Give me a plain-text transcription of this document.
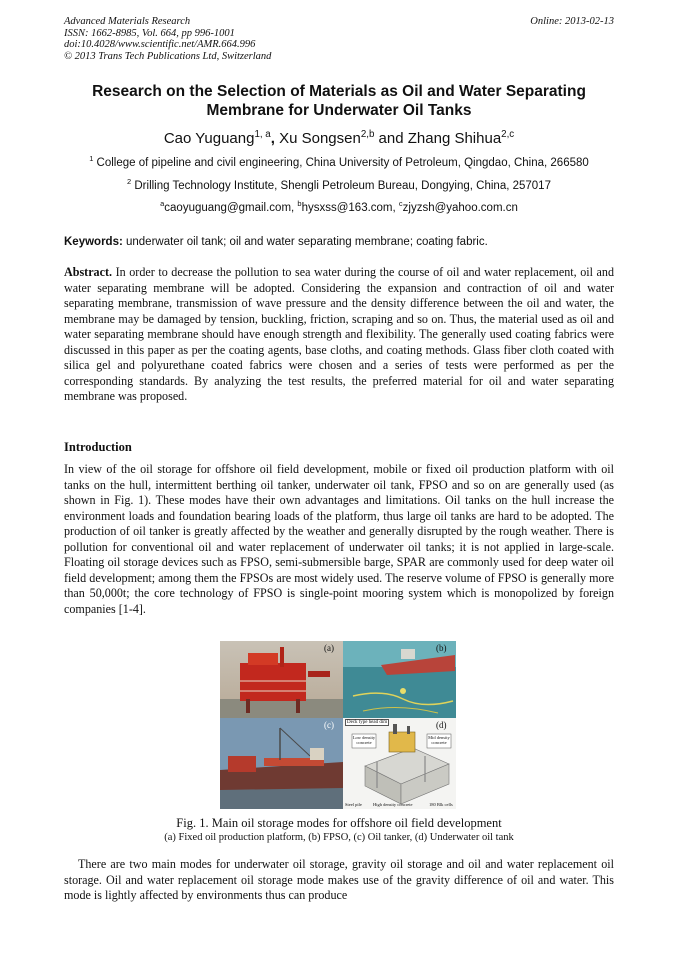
Advanced Materials Research
ISSN: 1662-8985, Vol. 664, pp 996-1001
doi:10.4028/www.scientific.net/AMR.664.996
© 2013 Trans Tech Publications Ltd, Switzerland
Online: 2013-02-13
Research on the Selection of Materials as Oil and Water Separating
Membrane for Underwater Oil Tanks
Cao Yuguang$^{1, a}$, Xu Songsen$^{2,b}$ and Zhang Shihua$^{2,c}$
$^1$ College of pipeline and civil engineering, China University of Petroleum, Qingdao, China, 266580
$^2$ Drilling Technology Institute, Shengli Petroleum Bureau, Dongying, China, 257017
$^a$caoyuguang@gmail.com, $^b$hysxss@163.com, $^c$zjyzsh@yahoo.com.cn
Keywords: underwater oil tank; oil and water separating membrane; coating fabric.
Abstract. In order to decrease the pollution to sea water during the course of oil and water replacement, oil and water separating membrane will be adopted. Considering the expansion and contraction of oil and water separating membrane, transmission of wave pressure and the density difference between the oil and water, the membrane may be damaged by tension, buckling, friction, scraping and so on. Thus, the material used as oil and water separating membrane should have enough strength and flexibility. The generally used coating fabrics were discussed in this paper as per the coating agents, base cloths, and coating methods. Glass fiber cloth coated with silica gel and polyurethane coated fabrics were chosen and a series of tests were performed as per the corresponding standards. By analyzing the test results, the preferred material for oil and water separating membrane was proposed.
Introduction
In view of the oil storage for offshore oil field development, mobile or fixed oil production platform with oil tanks on the hull, intermittent berthing oil tanker, underwater oil tank, FPSO and so on are generally used (as shown in Fig. 1). These modes have their own advantages and limitations. Oil tanks on the hull increase the environment loads and foundation bearing loads of the platform, thus large oil tanks are hard to be adopted. The production of oil tanker is greatly affected by the weather and generally disrupted by the rough weather. There is pollution for conventional oil and water replacement of underwater oil tanks; it is not applied in large-scale. Floating oil storage devices such as FPSO, semi-submersible barge, SPAR are commonly used for deep water oil field development; among them the FPSOs are most widely used. The reserve volume of FPSO is generally more than 50,000t; the core technology of FPSO is single-point mooring system which is monopolized by foreign companies [1-4].
Deck type head dim
Low density concrete
Mid density concrete
Steel pile High density concrete	180 Blk cells
(a)	(b)
(c)	(d)
Fig. 1. Main oil storage modes for offshore oil field development
(a) Fixed oil production platform, (b) FPSO, (c) Oil tanker, (d) Underwater oil tank
There are two main modes for underwater oil storage, gravity oil storage and oil and water replacement oil storage. Oil and water replacement oil storage mode makes use of the gravity difference of oil and water. This mode is lightly affected by environments thus can produce
